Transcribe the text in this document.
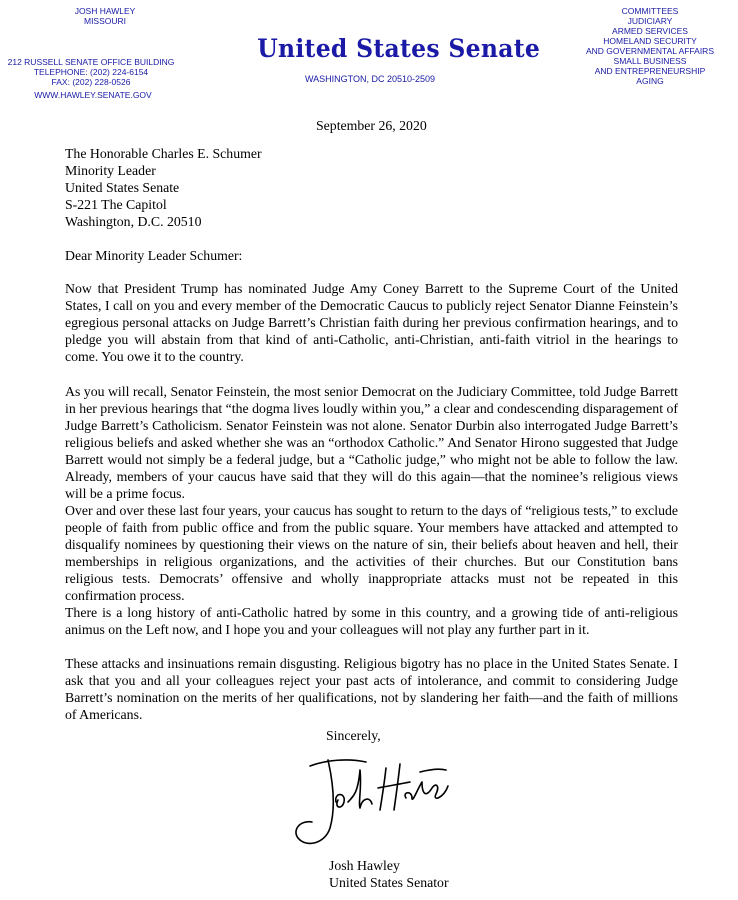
JOSH HAWLEY
MISSOURI
212 RUSSELL SENATE OFFICE BUILDING
TELEPHONE: (202) 224-6154
FAX: (202) 228-0526
WWW.HAWLEY.SENATE.GOV
United States Senate
WASHINGTON, DC 20510-2509
COMMITTEES
JUDICIARY
ARMED SERVICES
HOMELAND SECURITY
AND GOVERNMENTAL AFFAIRS
SMALL BUSINESS
AND ENTREPRENEURSHIP
AGING
September 26, 2020
The Honorable Charles E. Schumer
Minority Leader
United States Senate
S-221 The Capitol
Washington, D.C. 20510
Dear Minority Leader Schumer:
Now that President Trump has nominated Judge Amy Coney Barrett to the Supreme Court of the United States, I call on you and every member of the Democratic Caucus to publicly reject Senator Dianne Feinstein’s egregious personal attacks on Judge Barrett’s Christian faith during her previous confirmation hearings, and to pledge you will abstain from that kind of anti-Catholic, anti-Christian, anti-faith vitriol in the hearings to come. You owe it to the country.
As you will recall, Senator Feinstein, the most senior Democrat on the Judiciary Committee, told Judge Barrett in her previous hearings that “the dogma lives loudly within you,” a clear and condescending disparagement of Judge Barrett’s Catholicism. Senator Feinstein was not alone. Senator Durbin also interrogated Judge Barrett’s religious beliefs and asked whether she was an “orthodox Catholic.” And Senator Hirono suggested that Judge Barrett would not simply be a federal judge, but a “Catholic judge,” who might not be able to follow the law. Already, members of your caucus have said that they will do this again—that the nominee’s religious views will be a prime focus.
Over and over these last four years, your caucus has sought to return to the days of “religious tests,” to exclude people of faith from public office and from the public square. Your members have attacked and attempted to disqualify nominees by questioning their views on the nature of sin, their beliefs about heaven and hell, their memberships in religious organizations, and the activities of their churches. But our Constitution bans religious tests. Democrats’ offensive and wholly inappropriate attacks must not be repeated in this confirmation process.
There is a long history of anti-Catholic hatred by some in this country, and a growing tide of anti-religious animus on the Left now, and I hope you and your colleagues will not play any further part in it.
These attacks and insinuations remain disgusting. Religious bigotry has no place in the United States Senate. I ask that you and all your colleagues reject your past acts of intolerance, and commit to considering Judge Barrett’s nomination on the merits of her qualifications, not by slandering her faith—and the faith of millions of Americans.
Sincerely,
Josh Hawley
United States Senator
